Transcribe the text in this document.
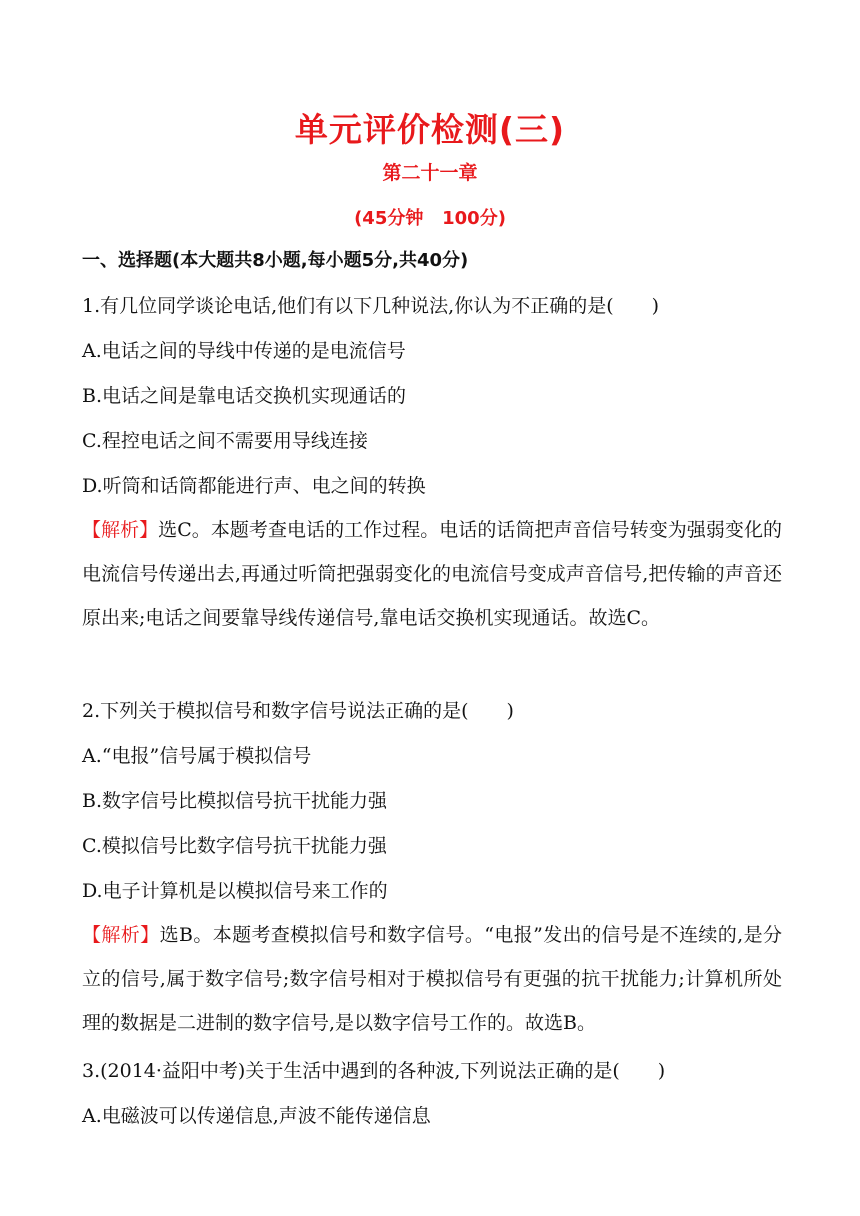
单元评价检测(三)
第二十一章
(45分钟   100分)
一、选择题(本大题共8小题,每小题5分,共40分)
1.有几位同学谈论电话,他们有以下几种说法,你认为不正确的是(　　)
A.电话之间的导线中传递的是电流信号
B.电话之间是靠电话交换机实现通话的
C.程控电话之间不需要用导线连接
D.听筒和话筒都能进行声、电之间的转换
【解析】选C。本题考查电话的工作过程。电话的话筒把声音信号转变为强弱变化的电流信号传递出去,再通过听筒把强弱变化的电流信号变成声音信号,把传输的声音还原出来;电话之间要靠导线传递信号,靠电话交换机实现通话。故选C。
2.下列关于模拟信号和数字信号说法正确的是(　　)
A.“电报”信号属于模拟信号
B.数字信号比模拟信号抗干扰能力强
C.模拟信号比数字信号抗干扰能力强
D.电子计算机是以模拟信号来工作的
【解析】选B。本题考查模拟信号和数字信号。“电报”发出的信号是不连续的,是分立的信号,属于数字信号;数字信号相对于模拟信号有更强的抗干扰能力;计算机所处理的数据是二进制的数字信号,是以数字信号工作的。故选B。
3.(2014·益阳中考)关于生活中遇到的各种波,下列说法正确的是(　　)
A.电磁波可以传递信息,声波不能传递信息
